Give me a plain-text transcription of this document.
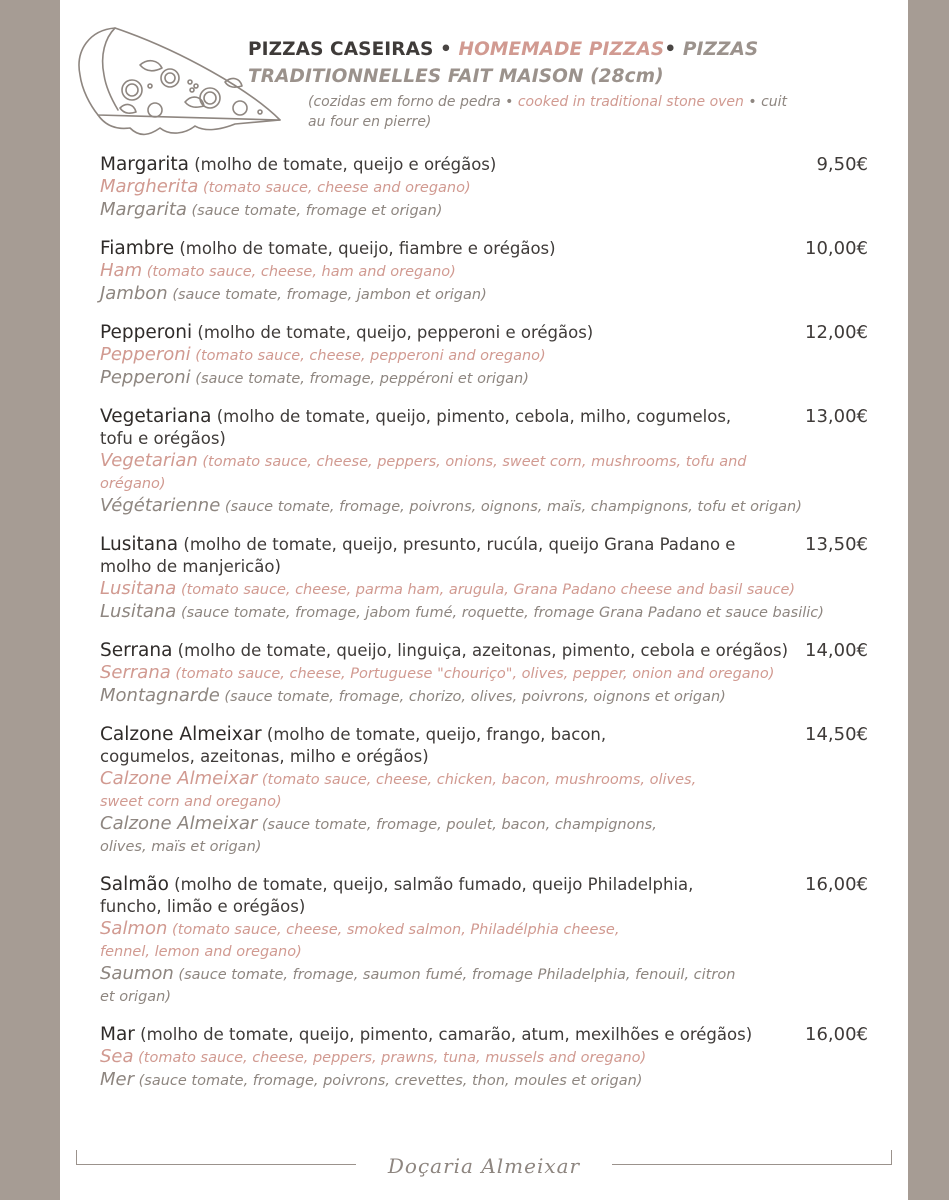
PIZZAS CASEIRAS • HOMEMADE PIZZAS• PIZZAS TRADITIONNELLES FAIT MAISON (28cm)
(cozidas em forno de pedra • cooked in traditional stone oven • cuit au four en pierre)
Margarita (molho de tomate, queijo e orégãos)
Margherita (tomato sauce, cheese and oregano)
Margarita (sauce tomate, fromage et origan)
9,50€
Fiambre (molho de tomate, queijo, fiambre e orégãos)
Ham (tomato sauce, cheese, ham and oregano)
Jambon (sauce tomate, fromage, jambon et origan)
10,00€
Pepperoni (molho de tomate, queijo, pepperoni e orégãos)
Pepperoni (tomato sauce, cheese, pepperoni and oregano)
Pepperoni (sauce tomate, fromage, peppéroni et origan)
12,00€
Vegetariana (molho de tomate, queijo, pimento, cebola, milho, cogumelos, tofu e orégãos)
Vegetarian (tomato sauce, cheese, peppers, onions, sweet corn, mushrooms, tofu and orégano)
Végétarienne (sauce tomate, fromage, poivrons, oignons, maïs, champignons, tofu et origan)
13,00€
Lusitana (molho de tomate, queijo, presunto, rucúla, queijo Grana Padano e molho de manjericão)
Lusitana (tomato sauce, cheese, parma ham, arugula, Grana Padano cheese and basil sauce)
Lusitana (sauce tomate, fromage, jabom fumé, roquette, fromage Grana Padano et sauce basilic)
13,50€
Serrana (molho de tomate, queijo, linguiça, azeitonas, pimento, cebola e orégãos)
Serrana (tomato sauce, cheese, Portuguese "chouriço", olives, pepper, onion and oregano)
Montagnarde (sauce tomate, fromage, chorizo, olives, poivrons, oignons et origan)
14,00€
Calzone Almeixar (molho de tomate, queijo, frango, bacon, cogumelos, azeitonas, milho e orégãos)
Calzone Almeixar (tomato sauce, cheese, chicken, bacon, mushrooms, olives, sweet corn and oregano)
Calzone Almeixar (sauce tomate, fromage, poulet, bacon, champignons, olives, maïs et origan)
14,50€
Salmão (molho de tomate, queijo, salmão fumado, queijo Philadelphia, funcho, limão e orégãos)
Salmon (tomato sauce, cheese, smoked salmon, Philadélphia cheese, fennel, lemon and oregano)
Saumon (sauce tomate, fromage, saumon fumé, fromage Philadelphia, fenouil, citron et origan)
16,00€
Mar (molho de tomate, queijo, pimento, camarão, atum, mexilhões e orégãos)
Sea (tomato sauce, cheese, peppers, prawns, tuna, mussels and oregano)
Mer (sauce tomate, fromage, poivrons, crevettes, thon, moules et origan)
16,00€
Doçaria Almeixar
